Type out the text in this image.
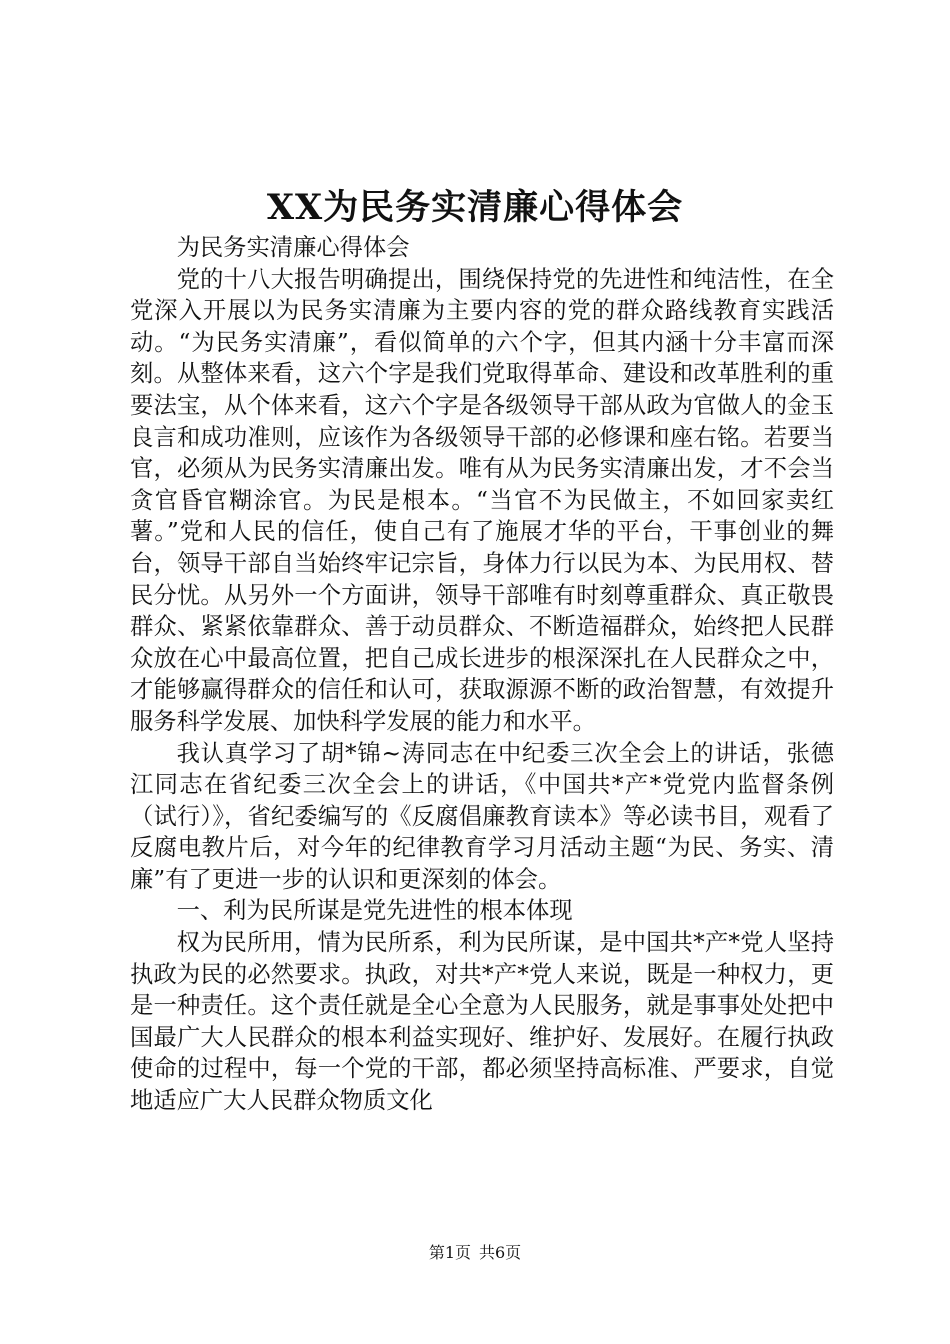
XX为民务实清廉心得体会

为民务实清廉心得体会

党的十八大报告明确提出，围绕保持党的先进性和纯洁性，在全党深入开展以为民务实清廉为主要内容的党的群众路线教育实践活动。“为民务实清廉”，看似简单的六个字，但其内涵十分丰富而深刻。从整体来看，这六个字是我们党取得革命、建设和改革胜利的重要法宝，从个体来看，这六个字是各级领导干部从政为官做人的金玉良言和成功准则，应该作为各级领导干部的必修课和座右铭。若要当官，必须从为民务实清廉出发。唯有从为民务实清廉出发，才不会当贪官昏官糊涂官。为民是根本。“当官不为民做主，不如回家卖红薯。”党和人民的信任，使自己有了施展才华的平台，干事创业的舞台，领导干部自当始终牢记宗旨，身体力行以民为本、为民用权、替民分忧。从另外一个方面讲，领导干部唯有时刻尊重群众、真正敬畏群众、紧紧依靠群众、善于动员群众、不断造福群众，始终把人民群众放在心中最高位置，把自己成长进步的根深深扎在人民群众之中，才能够赢得群众的信任和认可，获取源源不断的政治智慧，有效提升服务科学发展、加快科学发展的能力和水平。

我认真学习了胡*锦~涛同志在中纪委三次全会上的讲话，张德江同志在省纪委三次全会上的讲话，《中国共*产*党党内监督条例（试行）》，省纪委编写的《反腐倡廉教育读本》等必读书目，观看了反腐电教片后，对今年的纪律教育学习月活动主题“为民、务实、清廉”有了更进一步的认识和更深刻的体会。

一、利为民所谋是党先进性的根本体现

权为民所用，情为民所系，利为民所谋，是中国共*产*党人坚持执政为民的必然要求。执政，对共*产*党人来说，既是一种权力，更是一种责任。这个责任就是全心全意为人民服务，就是事事处处把中国最广大人民群众的根本利益实现好、维护好、发展好。在履行执政使命的过程中，每一个党的干部，都必须坚持高标准、严要求，自觉地适应广大人民群众物质文化

第1页 共6页
